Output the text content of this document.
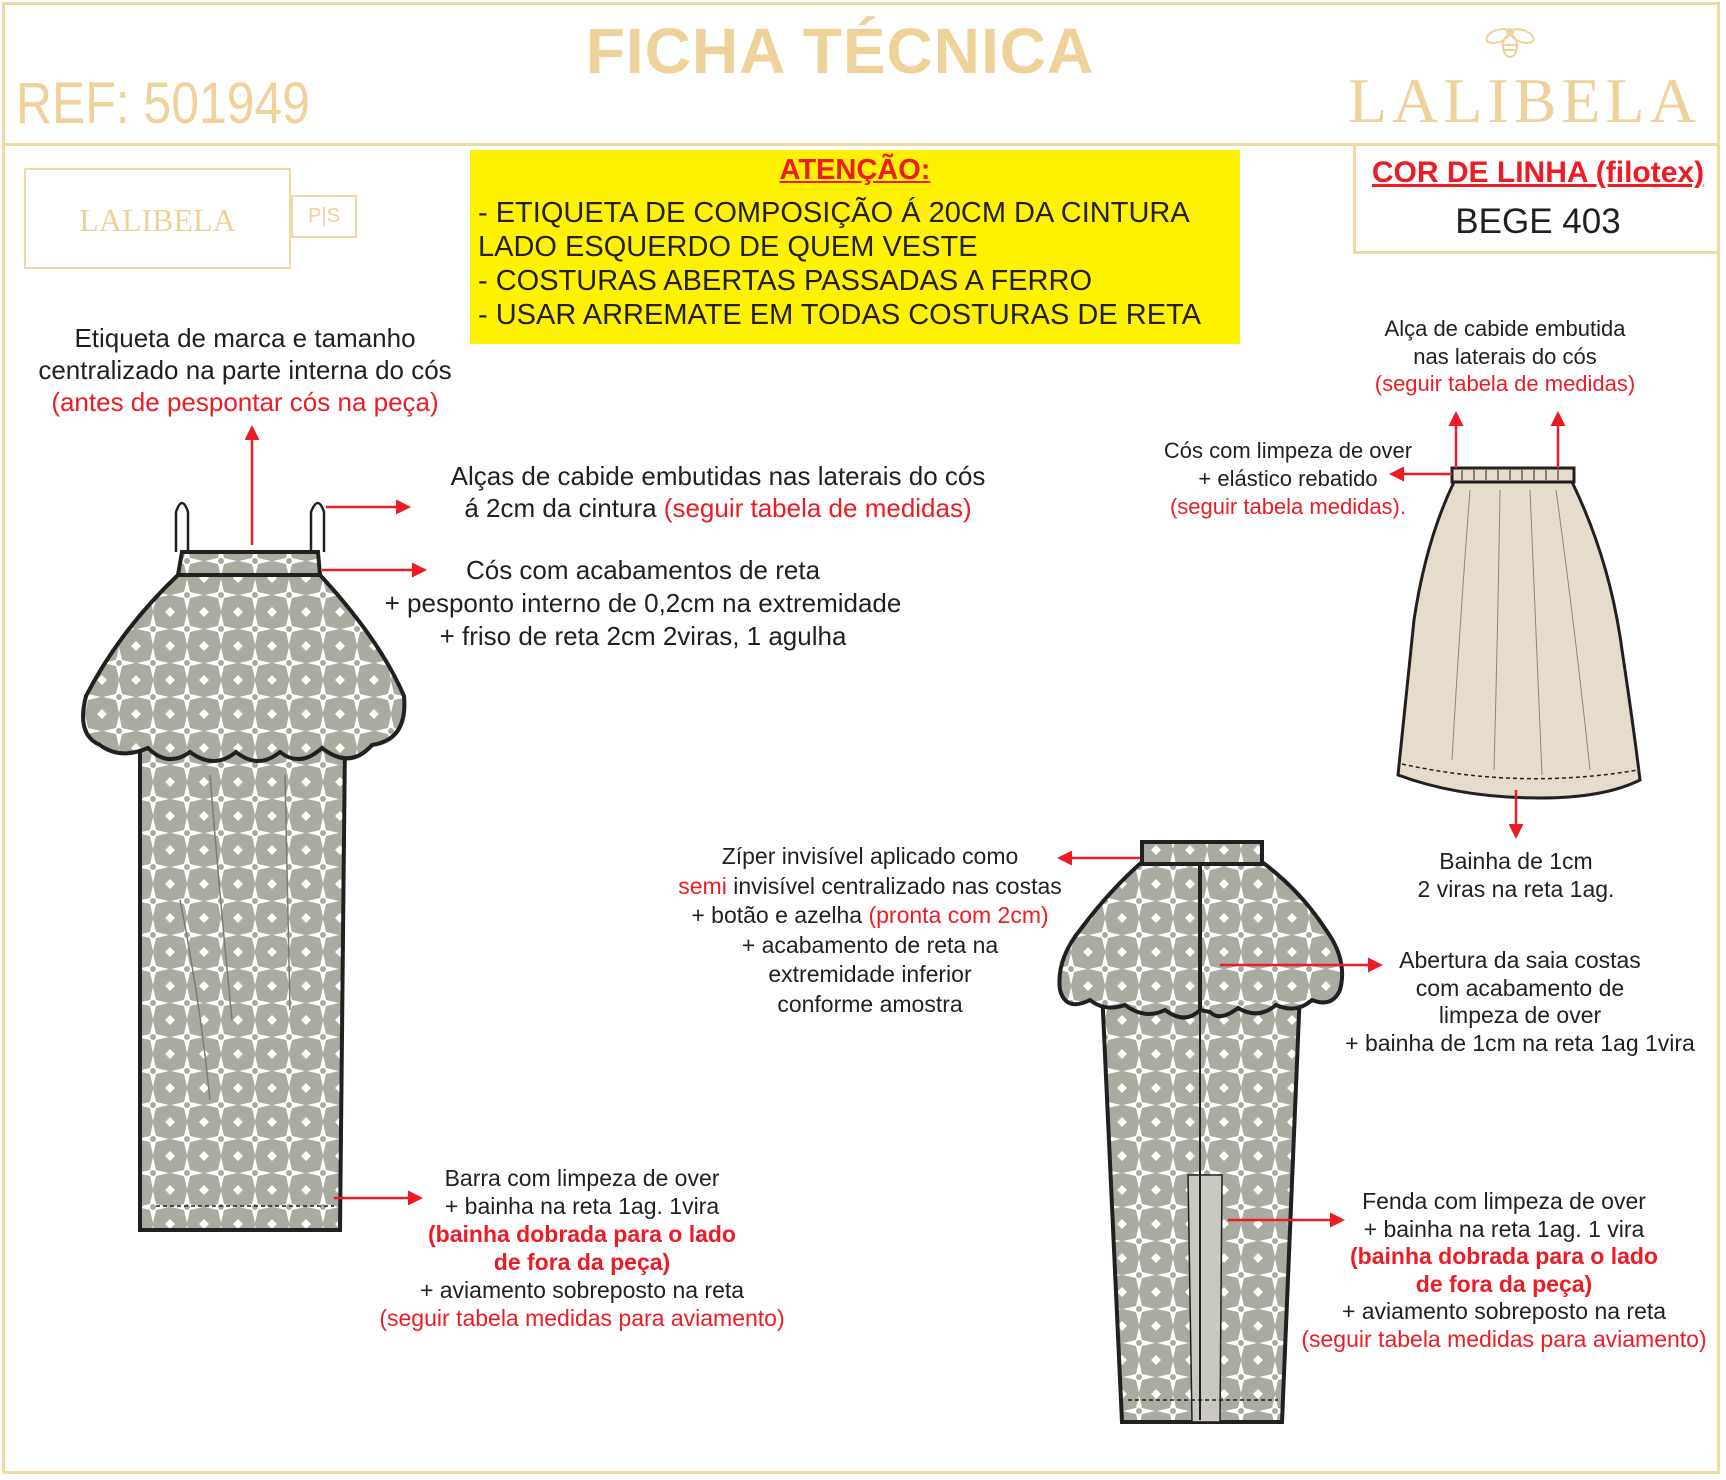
FICHA TÉCNICA
REF: 501949	LALIBELA
LALIBELA	P|S
ATENÇÃO:
- ETIQUETA DE COMPOSIÇÃO Á 20CM DA CINTURA
LADO ESQUERDO DE QUEM VESTE
- COSTURAS ABERTAS PASSADAS A FERRO
- USAR ARREMATE EM TODAS COSTURAS DE RETA
COR DE LINHA (filotex)
BEGE 403
Etiqueta de marca e tamanho
centralizado na parte interna do cós
(antes de pespontar cós na peça)
Alças de cabide embutidas nas laterais do cós
á 2cm da cintura (seguir tabela de medidas)
Cós com acabamentos de reta
+ pesponto interno de 0,2cm na extremidade
+ friso de reta 2cm 2viras, 1 agulha
Barra com limpeza de over
+ bainha na reta 1ag. 1vira
(bainha dobrada para o lado
de fora da peça)
+ aviamento sobreposto na reta
(seguir tabela medidas para aviamento)
Zíper invisível aplicado como
semi invisível centralizado nas costas
+ botão e azelha (pronta com 2cm)
+ acabamento de reta na
extremidade inferior
conforme amostra
Abertura da saia costas
com acabamento de
limpeza de over
+ bainha de 1cm na reta 1ag 1vira
Fenda com limpeza de over
+ bainha na reta 1ag. 1 vira
(bainha dobrada para o lado
de fora da peça)
+ aviamento sobreposto na reta
(seguir tabela medidas para aviamento)
Alça de cabide embutida
nas laterais do cós
(seguir tabela de medidas)
Cós com limpeza de over
+ elástico rebatido
(seguir tabela medidas).
Bainha de 1cm
2 viras na reta 1ag.
